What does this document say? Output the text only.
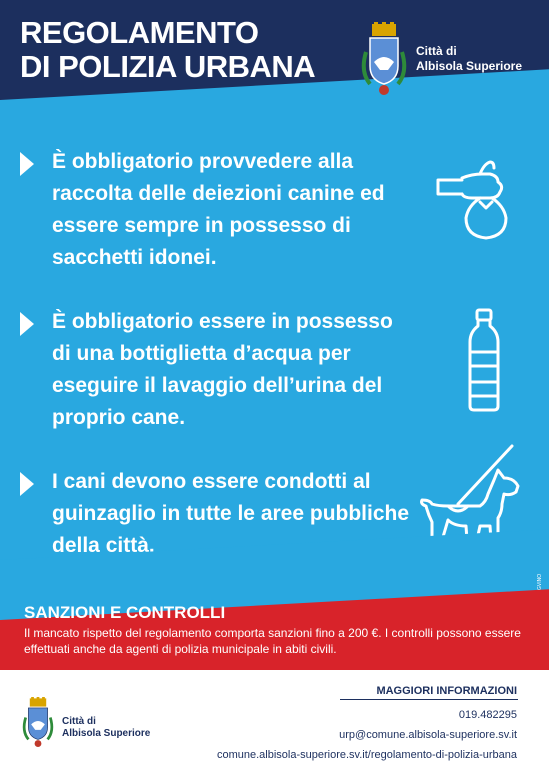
REGOLAMENTO
DI POLIZIA URBANA	Città di
Albisola Superiore
È obbligatorio provvedere alla raccolta delle deiezioni canine ed essere sempre in possesso di sacchetti idonei.
È obbligatorio essere in possesso di una bottiglietta d’acqua per eseguire il lavaggio dell’urina del proprio cane.
I cani devono essere condotti al guinzaglio in tutte le aree pubbliche della città.
GVINO
SANZIONI E CONTROLLI
Il mancato rispetto del regolamento comporta sanzioni fino a 200 €. I controlli possono essere effettuati anche da agenti di polizia municipale in abiti civili.
Città di
Albisola Superiore
MAGGIORI INFORMAZIONI
019.482295
urp@comune.albisola-superiore.sv.it
comune.albisola-superiore.sv.it/regolamento-di-polizia-urbana
